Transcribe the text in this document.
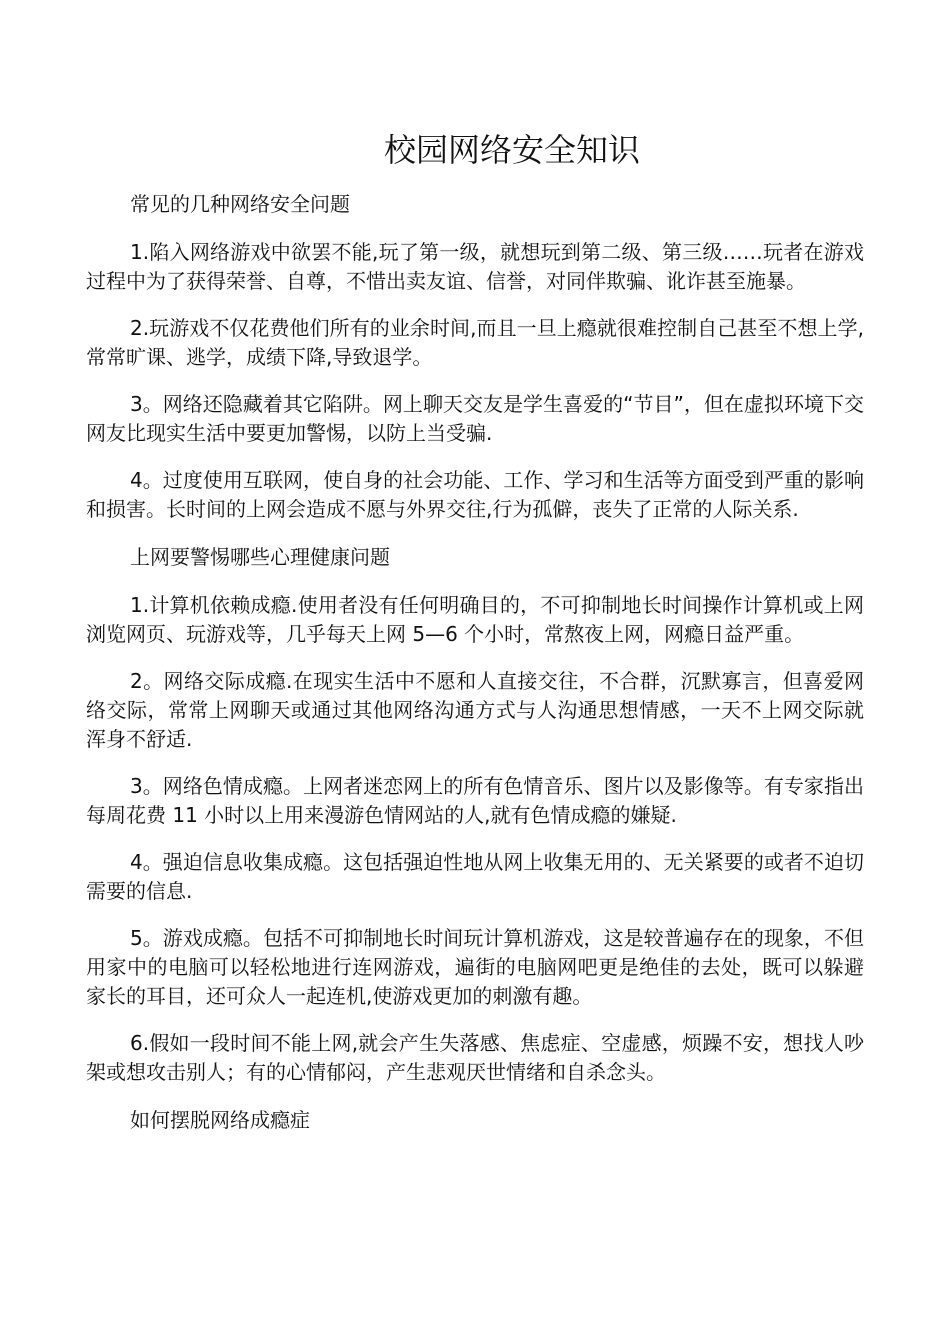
校园网络安全知识

常见的几种网络安全问题

1.陷入网络游戏中欲罢不能,玩了第一级，就想玩到第二级、第三级……玩者在游戏过程中为了获得荣誉、自尊，不惜出卖友谊、信誉，对同伴欺骗、讹诈甚至施暴。

2.玩游戏不仅花费他们所有的业余时间,而且一旦上瘾就很难控制自己甚至不想上学,常常旷课、逃学，成绩下降,导致退学。

3。网络还隐藏着其它陷阱。网上聊天交友是学生喜爱的“节目”，但在虚拟环境下交网友比现实生活中要更加警惕，以防上当受骗.

4。过度使用互联网，使自身的社会功能、工作、学习和生活等方面受到严重的影响和损害。长时间的上网会造成不愿与外界交往,行为孤僻，丧失了正常的人际关系.

上网要警惕哪些心理健康问题

1.计算机依赖成瘾.使用者没有任何明确目的，不可抑制地长时间操作计算机或上网浏览网页、玩游戏等，几乎每天上网 5—6 个小时，常熬夜上网，网瘾日益严重。

2。网络交际成瘾.在现实生活中不愿和人直接交往，不合群，沉默寡言，但喜爱网络交际，常常上网聊天或通过其他网络沟通方式与人沟通思想情感，一天不上网交际就浑身不舒适.

3。网络色情成瘾。上网者迷恋网上的所有色情音乐、图片以及影像等。有专家指出每周花费 11 小时以上用来漫游色情网站的人,就有色情成瘾的嫌疑.

4。强迫信息收集成瘾。这包括强迫性地从网上收集无用的、无关紧要的或者不迫切需要的信息.

5。游戏成瘾。包括不可抑制地长时间玩计算机游戏，这是较普遍存在的现象，不但用家中的电脑可以轻松地进行连网游戏，遍街的电脑网吧更是绝佳的去处，既可以躲避家长的耳目，还可众人一起连机,使游戏更加的刺激有趣。

6.假如一段时间不能上网,就会产生失落感、焦虑症、空虚感，烦躁不安，想找人吵架或想攻击别人；有的心情郁闷，产生悲观厌世情绪和自杀念头。

如何摆脱网络成瘾症
